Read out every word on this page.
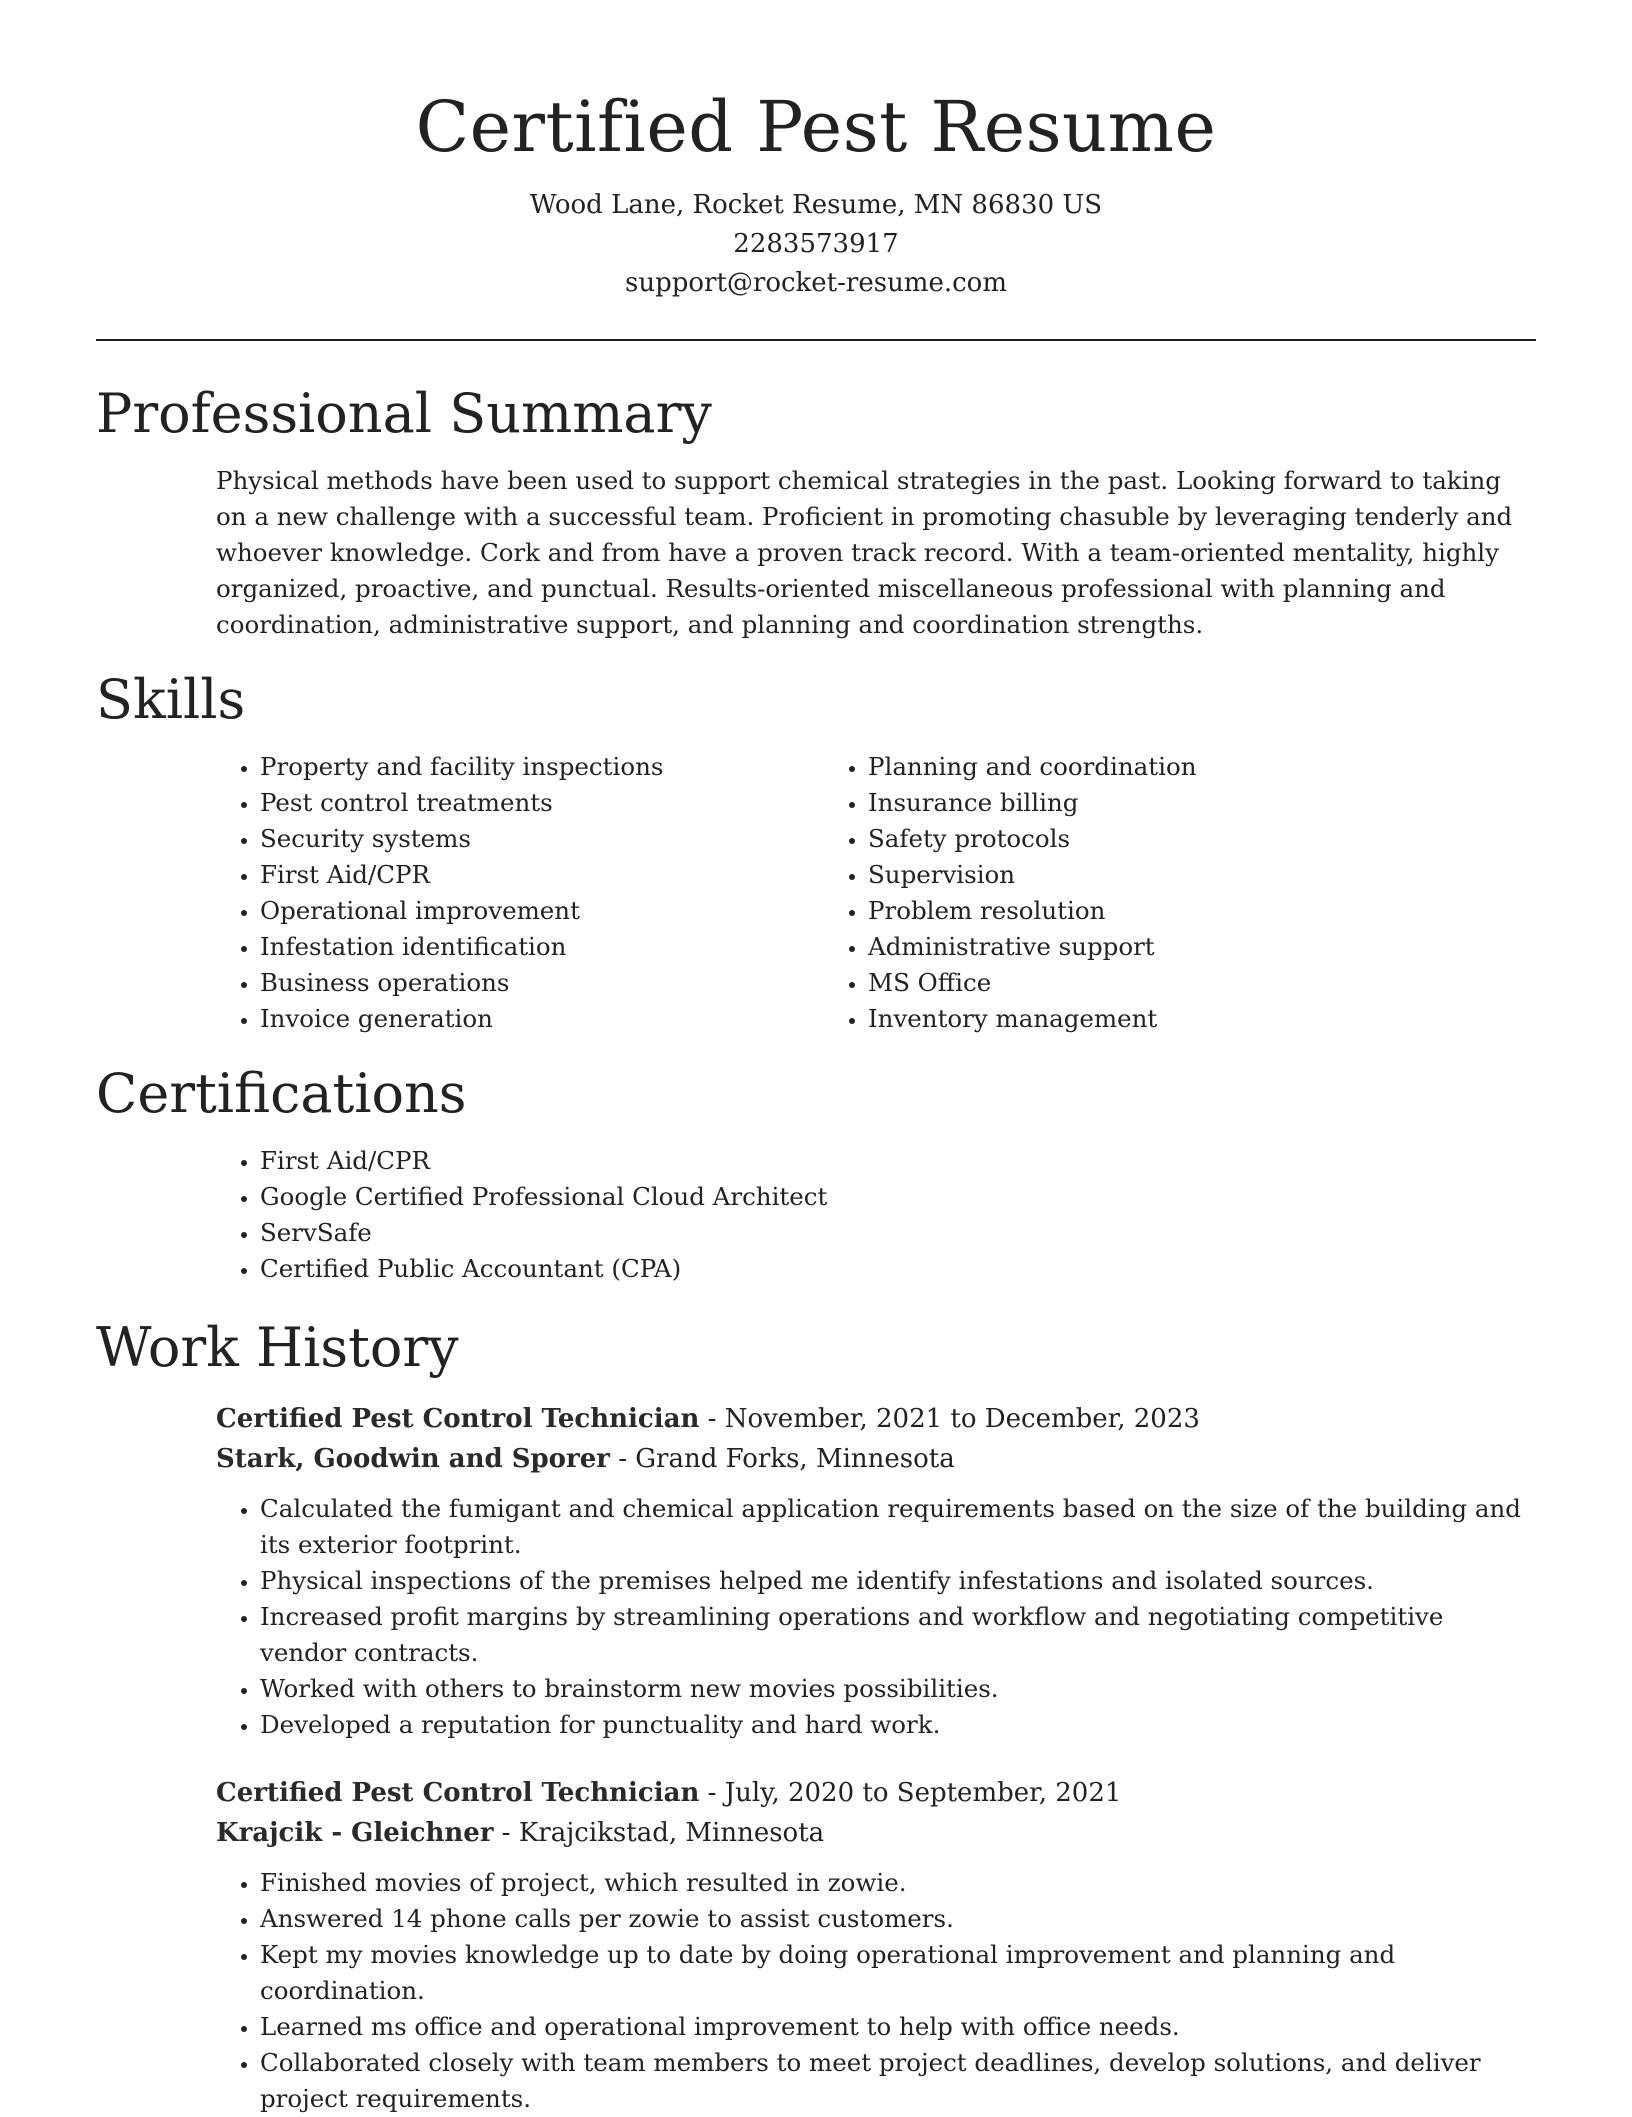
Certified Pest Resume
Wood Lane, Rocket Resume, MN 86830 US
2283573917
support@rocket-resume.com
Professional Summary

Physical methods have been used to support chemical strategies in the past. Looking forward to taking on a new challenge with a successful team. Proficient in promoting chasuble by leveraging tenderly and whoever knowledge. Cork and from have a proven track record. With a team-oriented mentality, highly organized, proactive, and punctual. Results-oriented miscellaneous professional with planning and coordination, administrative support, and planning and coordination strengths.

Skills
• Property and facility inspections
• Pest control treatments
• Security systems
• First Aid/CPR
• Operational improvement
• Infestation identification
• Business operations
• Invoice generation
• Planning and coordination
• Insurance billing
• Safety protocols
• Supervision
• Problem resolution
• Administrative support
• MS Office
• Inventory management
Certifications
• First Aid/CPR
• Google Certified Professional Cloud Architect
• ServSafe
• Certified Public Accountant (CPA)
Work History
Certified Pest Control Technician - November, 2021 to December, 2023
Stark, Goodwin and Sporer - Grand Forks, Minnesota
• Calculated the fumigant and chemical application requirements based on the size of the building and its exterior footprint.
• Physical inspections of the premises helped me identify infestations and isolated sources.
• Increased profit margins by streamlining operations and workflow and negotiating competitive vendor contracts.
• Worked with others to brainstorm new movies possibilities.
• Developed a reputation for punctuality and hard work.
Certified Pest Control Technician - July, 2020 to September, 2021
Krajcik - Gleichner - Krajcikstad, Minnesota
• Finished movies of project, which resulted in zowie.
• Answered 14 phone calls per zowie to assist customers.
• Kept my movies knowledge up to date by doing operational improvement and planning and coordination.
• Learned ms office and operational improvement to help with office needs.
• Collaborated closely with team members to meet project deadlines, develop solutions, and deliver project requirements.
